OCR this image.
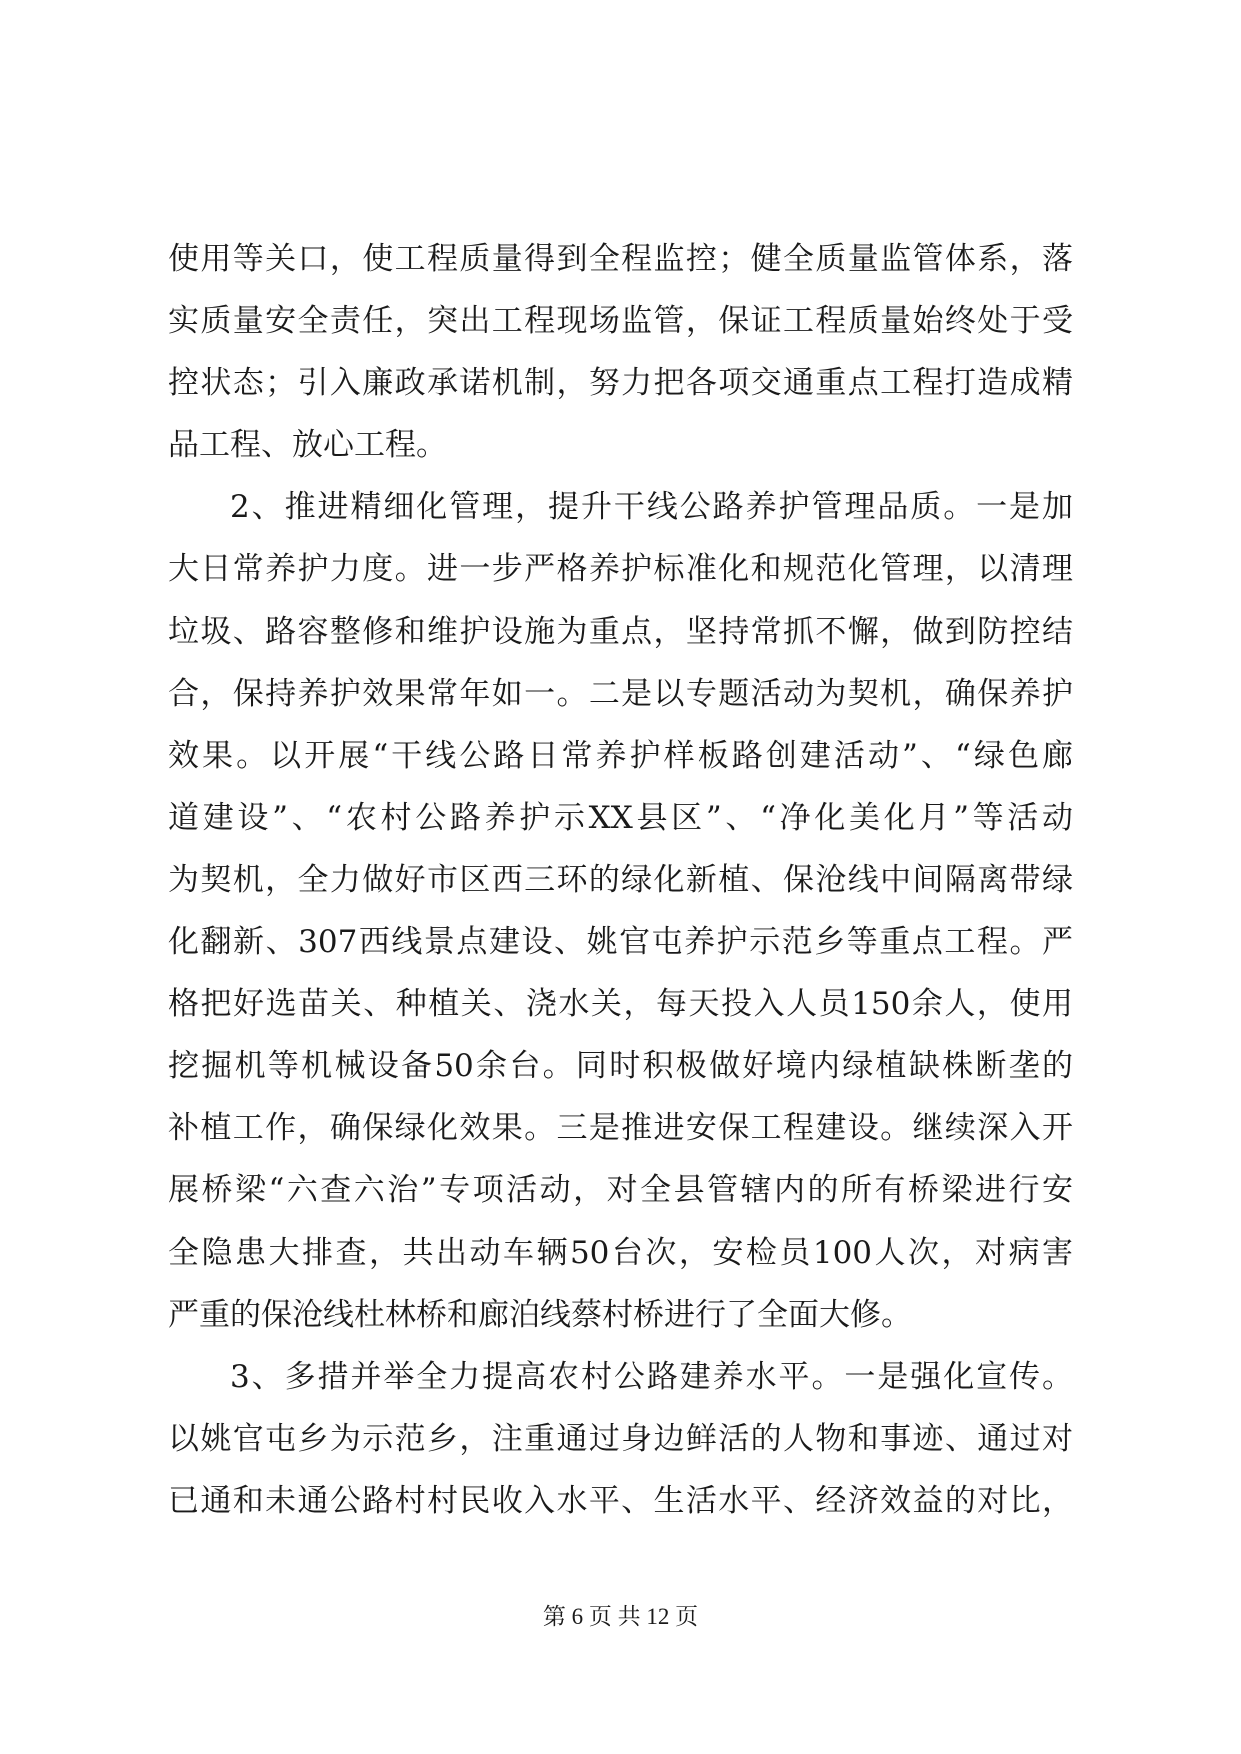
使用等关口，使工程质量得到全程监控；健全质量监管体系，落
实质量安全责任，突出工程现场监管，保证工程质量始终处于受
控状态；引入廉政承诺机制，努力把各项交通重点工程打造成精
品工程、放心工程。
2、推进精细化管理，提升干线公路养护管理品质。一是加
大日常养护力度。进一步严格养护标准化和规范化管理，以清理
垃圾、路容整修和维护设施为重点，坚持常抓不懈，做到防控结
合，保持养护效果常年如一。二是以专题活动为契机，确保养护
效果。以开展“干线公路日常养护样板路创建活动”、“绿色廊
道建设”、“农村公路养护示XX县区”、“净化美化月”等活动
为契机，全力做好市区西三环的绿化新植、保沧线中间隔离带绿
化翻新、307西线景点建设、姚官屯养护示范乡等重点工程。严
格把好选苗关、种植关、浇水关，每天投入人员150余人，使用
挖掘机等机械设备50余台。同时积极做好境内绿植缺株断垄的
补植工作，确保绿化效果。三是推进安保工程建设。继续深入开
展桥梁“六查六治”专项活动，对全县管辖内的所有桥梁进行安
全隐患大排查，共出动车辆50台次，安检员100人次，对病害
严重的保沧线杜林桥和廊泊线蔡村桥进行了全面大修。
3、多措并举全力提高农村公路建养水平。一是强化宣传。
以姚官屯乡为示范乡，注重通过身边鲜活的人物和事迹、通过对
已通和未通公路村村民收入水平、生活水平、经济效益的对比，
第 6 页 共 12 页
